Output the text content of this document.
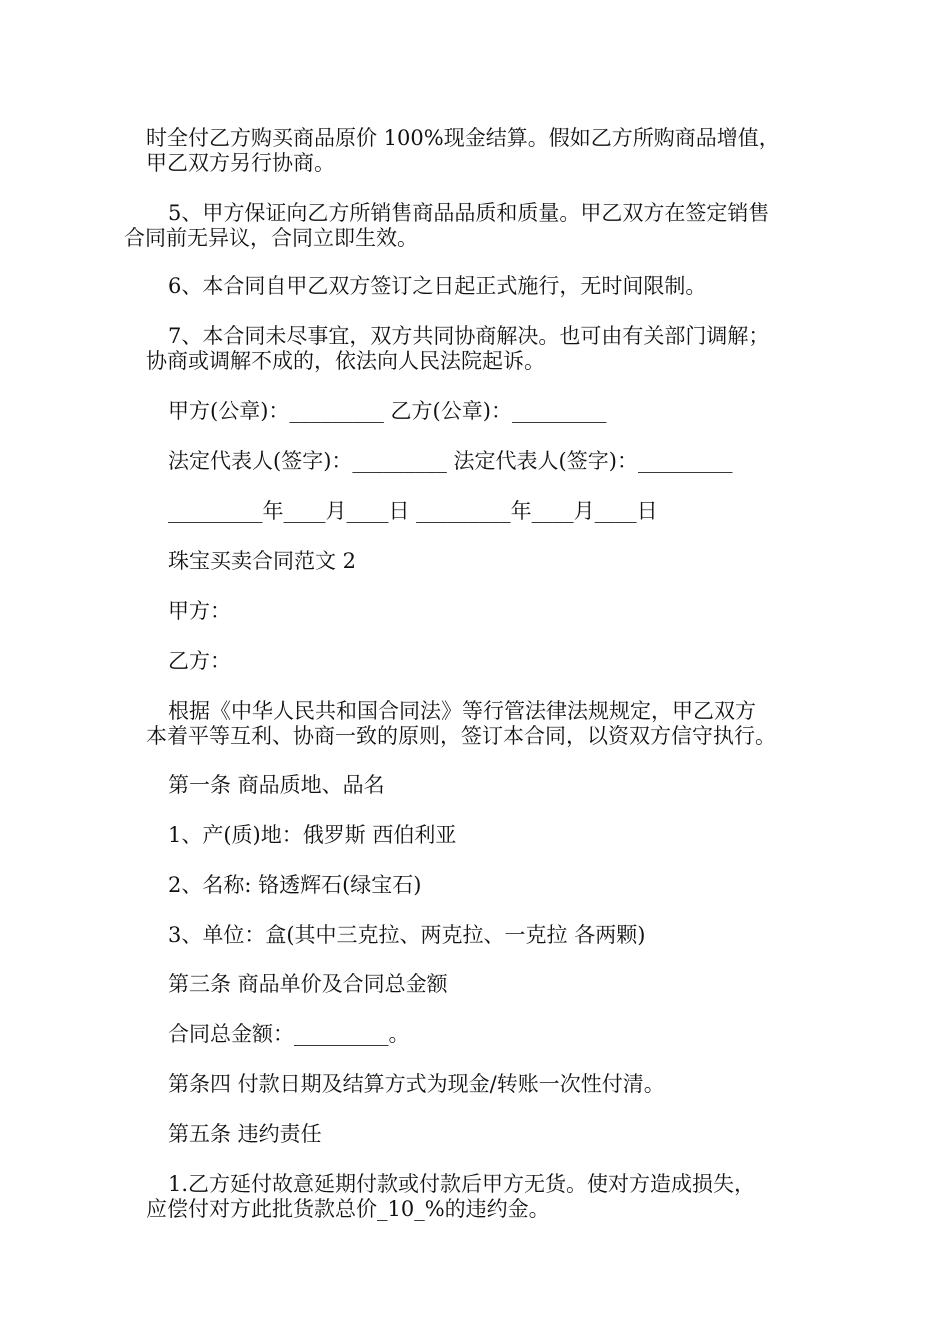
时全付乙方购买商品原价 100%现金结算。假如乙方所购商品增值，
甲乙双方另行协商。

5、甲方保证向乙方所销售商品品质和质量。甲乙双方在签定销售
合同前无异议，合同立即生效。

6、本合同自甲乙双方签订之日起正式施行，无时间限制。

7、本合同未尽事宜，双方共同协商解决。也可由有关部门调解；
协商或调解不成的，依法向人民法院起诉。

甲方(公章)：_________ 乙方(公章)：_________

法定代表人(签字)：_________ 法定代表人(签字)：_________

_________年____月____日 _________年____月____日

珠宝买卖合同范文 2

甲方：

乙方：

根据《中华人民共和国合同法》等行管法律法规规定，甲乙双方
本着平等互利、协商一致的原则，签订本合同，以资双方信守执行。

第一条 商品质地、品名

1、产(质)地：俄罗斯 西伯利亚

2、名称: 铬透辉石(绿宝石)

3、单位：盒(其中三克拉、两克拉、一克拉 各两颗)

第三条 商品单价及合同总金额

合同总金额：_________。

第条四 付款日期及结算方式为现金/转账一次性付清。

第五条 违约责任

1.乙方延付故意延期付款或付款后甲方无货。使对方造成损失，
应偿付对方此批货款总价_10_%的违约金。
